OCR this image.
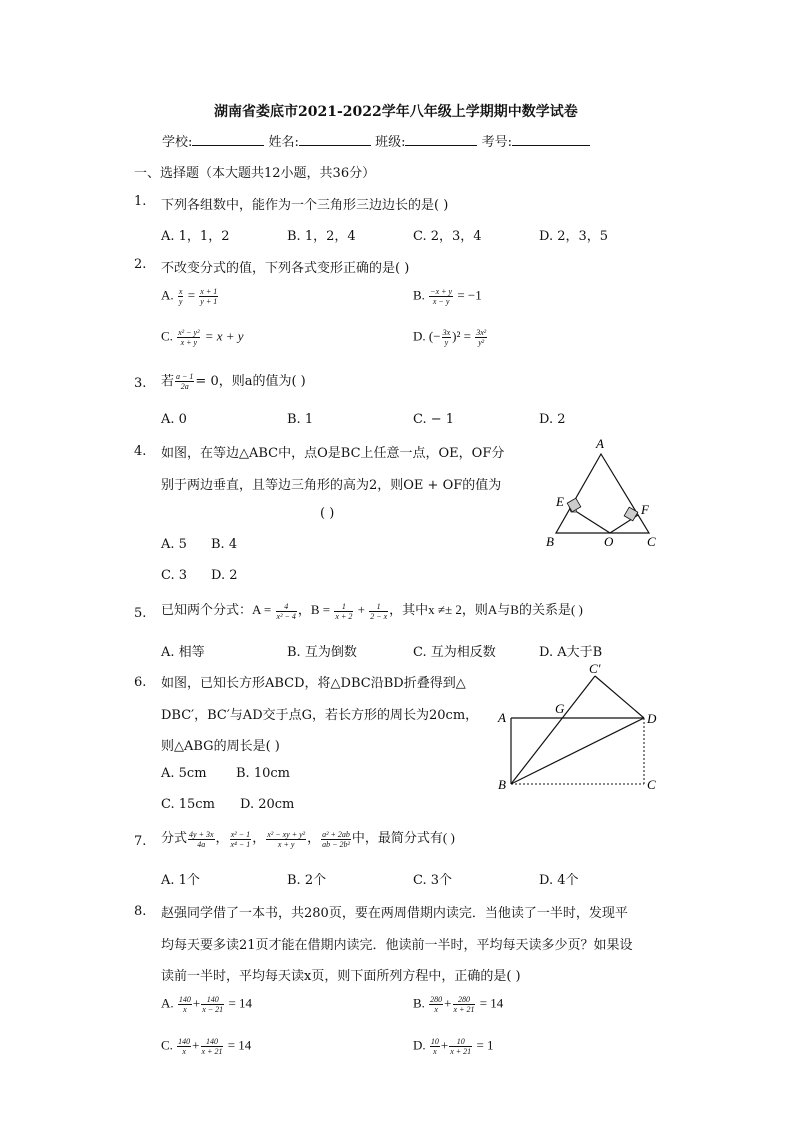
湖南省娄底市2021-2022学年八年级上学期期中数学试卷
学校:	姓名:	班级:	考号:
一、选择题（本大题共12小题，共36分）
1. 下列各组数中，能作为一个三角形三边边长的是( )
A. 1，1，2	B. 1，2，4	C. 2，3，4	D. 2，3，5
2. 不改变分式的值，下列各式变形正确的是( )
A. $\frac{x}{y} = \frac{x + 1}{y + 1}$	B. $\frac{-x + y}{x - y} = -1$
C. $\frac{\text{x² − y²}}{x + y} = x + y$	D. (− $\frac{3x}{y} )^2 = \frac{\text{3x²}}{\text{y²}}$
3. 若 $\frac{a - 1}{2a} = 0$，则a的值为( )
A. 0	B. 1	C. − 1	D. 2
4. 如图，在等边△ABC中，点O是BC上任意一点，OE，OF分
别于两边垂直，且等边三角形的高为2，则OE + OF的值为
( )
A. 5 B. 4
C. 3 D. 2
A
B	C
E
F
O
5. 已知两个分式：$A = \frac{4}{\text{x² − 4}}$ ，$B = \frac{1}{x + 2} + \frac{1}{2 - x}$ ，其中x ≠± 2，则A与B的关系是( )
A. 相等	B. 互为倒数	C. 互为相反数	D. A大于B
6. 如图，已知长方形ABCD，将△DBC沿BD折叠得到△
DBC′，BC′与AD交于点G，若长方形的周长为20cm，
则△ABG的周长是( )
A. 5cm B. 10cm
C. 15cm D. 20cm
A
B	C
D
G
C′
7. 分式 $\frac{4y + 3x}{4a}$ ， $\frac{\text{x² − 1}}{\text{x⁴ − 1}}$ ， $\frac{\text{x² − xy + y²}}{x + y}$ ， $\frac{\text{a² + 2ab}}{\text{ab − 2b²}}$ 中，最简分式有( )
A. 1个	B. 2个	C. 3个	D. 4个
8. 赵强同学借了一本书，共280页，要在两周借期内读完．当他读了一半时，发现平
均每天要多读21页才能在借期内读完．他读前一半时，平均每天读多少页？如果设
读前一半时，平均每天读x页，则下面所列方程中，正确的是( )
A. $\frac{140}{x} + \frac{140}{x - 21} = 14$	B. $\frac{280}{x} + \frac{280}{x + 21} = 14$
C. $\frac{140}{x} + \frac{140}{x + 21} = 14$	D. $\frac{10}{x} + \frac{10}{x + 21} = 1$
